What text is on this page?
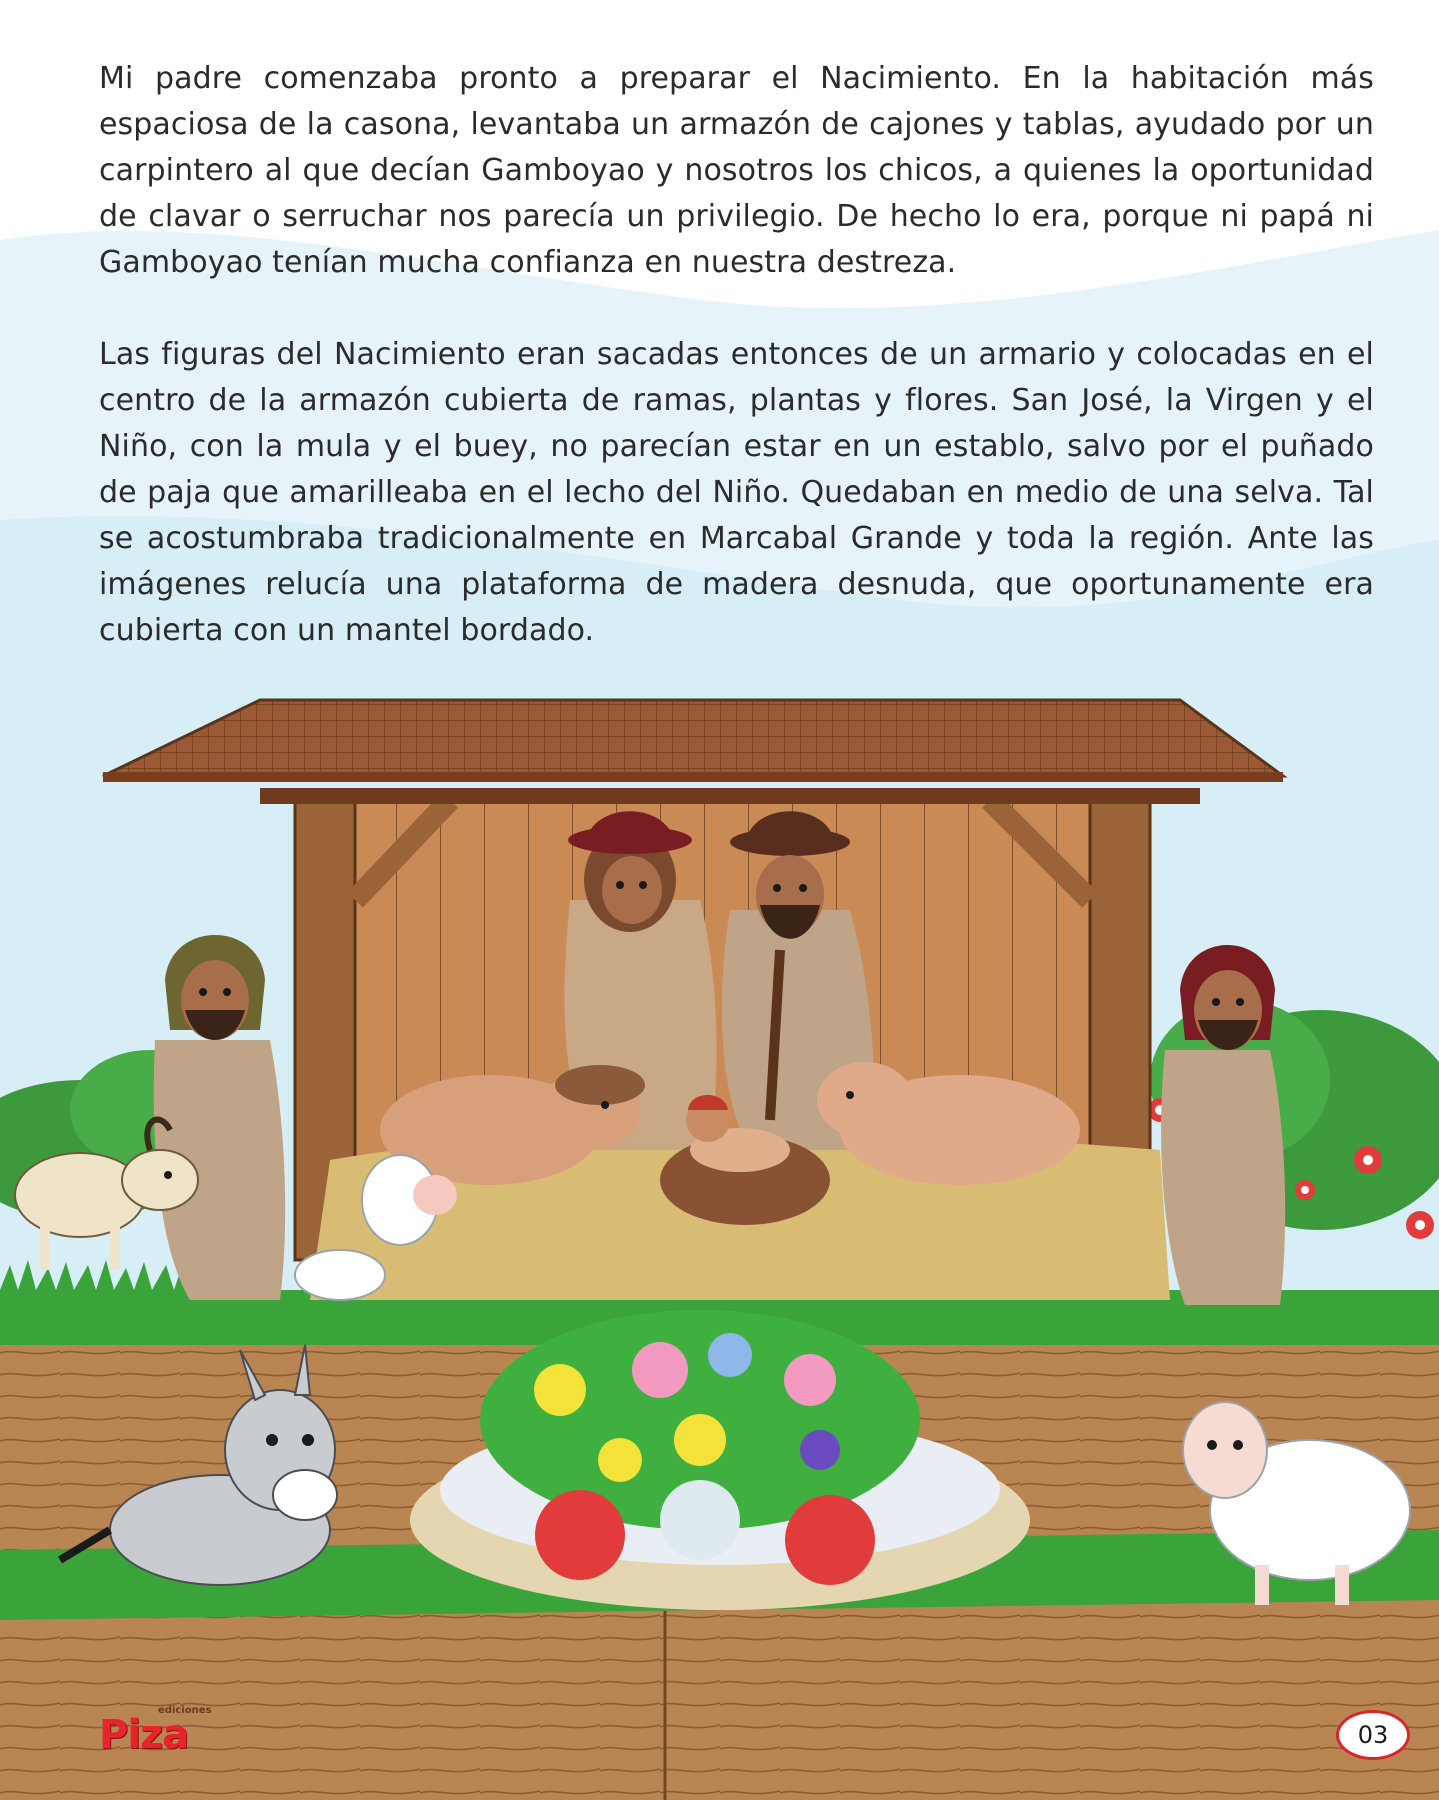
Mi padre comenzaba pronto a preparar el Nacimiento. En la habitación más espaciosa de la casona, levantaba un armazón de cajones y tablas, ayudado por un carpintero al que decían Gamboyao y nosotros los chicos, a quienes la oportunidad de clavar o serruchar nos parecía un privilegio. De hecho lo era, porque ni papá ni Gamboyao tenían mucha confianza en nuestra destreza.

Las figuras del Nacimiento eran sacadas entonces de un armario y colocadas en el centro de la armazón cubierta de ramas, plantas y flores. San José, la Virgen y el Niño, con la mula y el buey, no parecían estar en un establo, salvo por el puñado de paja que amarilleaba en el lecho del Niño. Quedaban en medio de una selva. Tal se acostumbraba tradicionalmente en Marcabal Grande y toda la región. Ante las imágenes relucía una plataforma de madera desnuda, que oportunamente era cubierta con un mantel bordado.

ediciones
Piza	03
